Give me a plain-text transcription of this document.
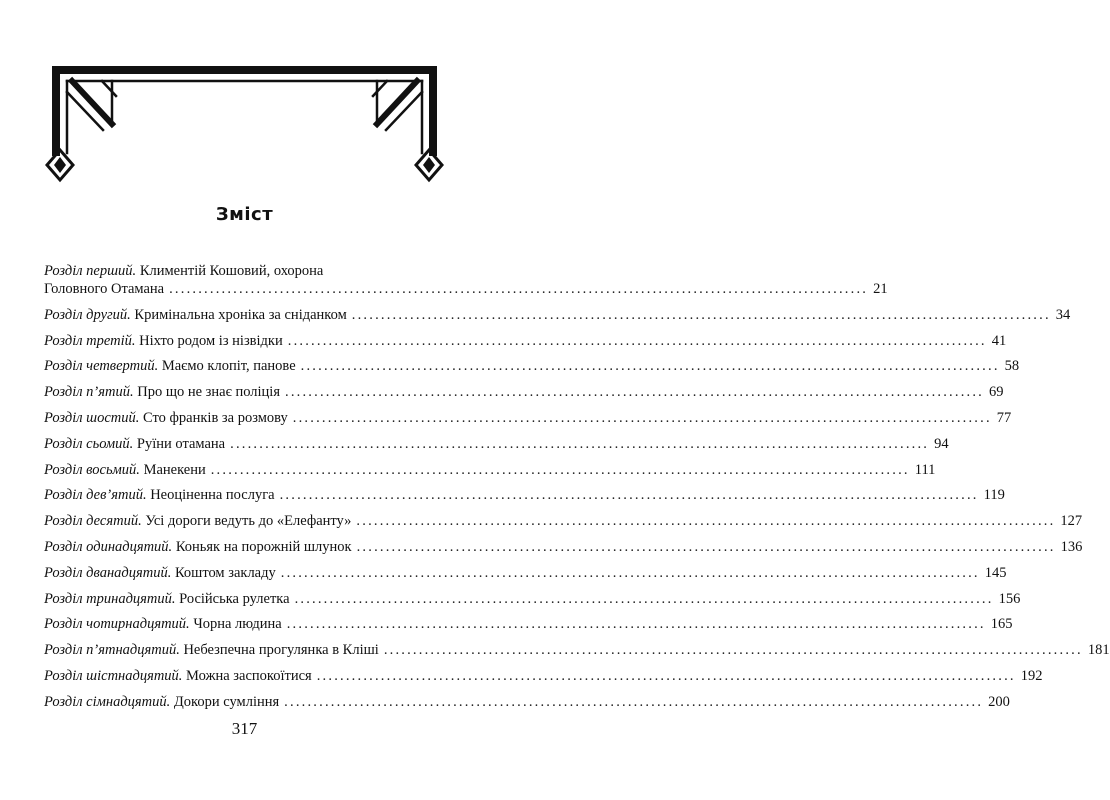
Зміст
Розділ перший. Климентій Кошовий, охорона
Головного Отамана ........................................................................................................................ 21
Розділ другий. Кримінальна хроніка за сніданком ........................................................................................................................ 34
Розділ третій. Ніхто родом із нізвідки ........................................................................................................................ 41
Розділ четвертий. Маємо клопіт, панове ........................................................................................................................ 58
Розділ п’ятий. Про що не знає поліція ........................................................................................................................ 69
Розділ шостий. Сто франків за розмову ........................................................................................................................ 77
Розділ сьомий. Руїни отамана ........................................................................................................................ 94
Розділ восьмий. Манекени ........................................................................................................................ 111
Розділ дев’ятий. Неоціненна послуга ........................................................................................................................ 119
Розділ десятий. Усі дороги ведуть до «Елефанту» ........................................................................................................................ 127
Розділ одинадцятий. Коньяк на порожній шлунок ........................................................................................................................ 136
Розділ дванадцятий. Коштом закладу ........................................................................................................................ 145
Розділ тринадцятий. Російська рулетка ........................................................................................................................ 156
Розділ чотирнадцятий. Чорна людина ........................................................................................................................ 165
Розділ п’ятнадцятий. Небезпечна прогулянка в Кліші ........................................................................................................................ 181
Розділ шістнадцятий. Можна заспокоїтися ........................................................................................................................ 192
Розділ сімнадцятий. Докори сумління ........................................................................................................................ 200
317
